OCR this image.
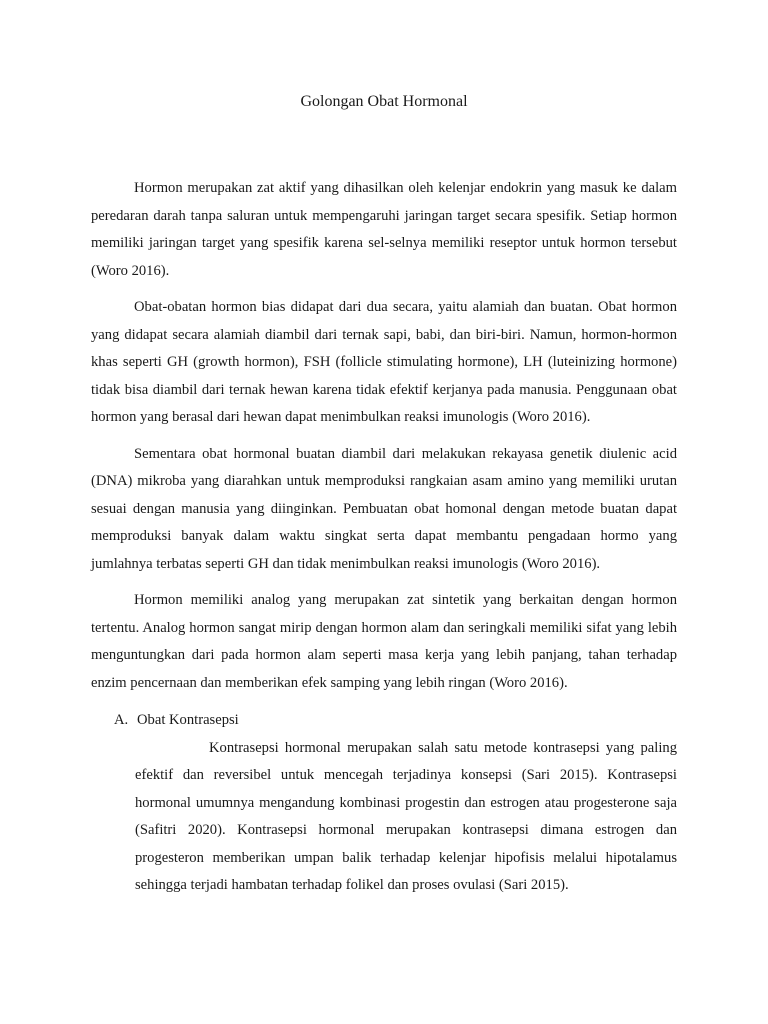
Golongan Obat Hormonal

Hormon merupakan zat aktif yang dihasilkan oleh kelenjar endokrin yang masuk ke dalam peredaran darah tanpa saluran untuk mempengaruhi jaringan target secara spesifik. Setiap hormon memiliki jaringan target yang spesifik karena sel-selnya memiliki reseptor untuk hormon tersebut (Woro 2016).

Obat-obatan hormon bias didapat dari dua secara, yaitu alamiah dan buatan. Obat hormon yang didapat secara alamiah diambil dari ternak sapi, babi, dan biri-biri. Namun, hormon-hormon khas seperti GH (growth hormon), FSH (follicle stimulating hormone), LH (luteinizing hormone) tidak bisa diambil dari ternak hewan karena tidak efektif kerjanya pada manusia. Penggunaan obat hormon yang berasal dari hewan dapat menimbulkan reaksi imunologis (Woro 2016).

Sementara obat hormonal buatan diambil dari melakukan rekayasa genetik diulenic acid (DNA) mikroba yang diarahkan untuk memproduksi rangkaian asam amino yang memiliki urutan sesuai dengan manusia yang diinginkan. Pembuatan obat homonal dengan metode buatan dapat memproduksi banyak dalam waktu singkat serta dapat membantu pengadaan hormo yang jumlahnya terbatas seperti GH dan tidak menimbulkan reaksi imunologis (Woro 2016).

Hormon memiliki analog yang merupakan zat sintetik yang berkaitan dengan hormon tertentu. Analog hormon sangat mirip dengan hormon alam dan seringkali memiliki sifat yang lebih menguntungkan dari pada hormon alam seperti masa kerja yang lebih panjang, tahan terhadap enzim pencernaan dan memberikan efek samping yang lebih ringan (Woro 2016).

A. Obat Kontrasepsi

Kontrasepsi hormonal merupakan salah satu metode kontrasepsi yang paling efektif dan reversibel untuk mencegah terjadinya konsepsi (Sari 2015). Kontrasepsi hormonal umumnya mengandung kombinasi progestin dan estrogen atau progesterone saja (Safitri 2020). Kontrasepsi hormonal merupakan kontrasepsi dimana estrogen dan progesteron memberikan umpan balik terhadap kelenjar hipofisis melalui hipotalamus sehingga terjadi hambatan terhadap folikel dan proses ovulasi (Sari 2015).
